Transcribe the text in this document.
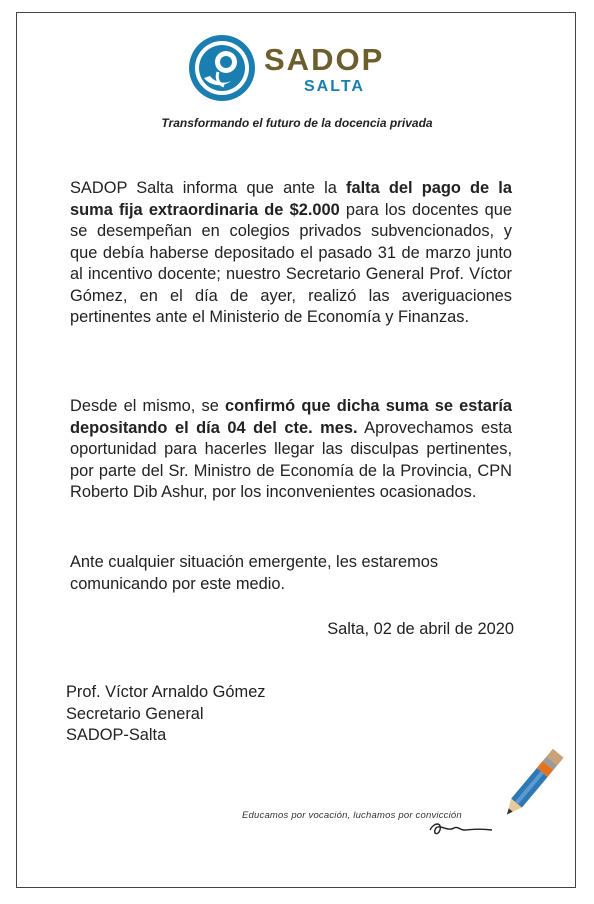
SADOP
SALTA
Transformando el futuro de la docencia privada
SADOP Salta informa que ante la falta del pago de la suma fija extraordinaria de $2.000 para los docentes que se desempeñan en colegios privados subvencionados, y que debía haberse depositado el pasado 31 de marzo junto al incentivo docente; nuestro Secretario General Prof. Víctor Gómez, en el día de ayer, realizó las averiguaciones pertinentes ante el Ministerio de Economía y Finanzas.
Desde el mismo, se confirmó que dicha suma se estaría depositando el día 04 del cte. mes. Aprovechamos esta oportunidad para hacerles llegar las disculpas pertinentes, por parte del Sr. Ministro de Economía de la Provincia, CPN Roberto Dib Ashur, por los inconvenientes ocasionados.
Ante cualquier situación emergente, les estaremos comunicando por este medio.
Salta, 02 de abril de 2020
Prof. Víctor Arnaldo Gómez
Secretario General
SADOP-Salta
Educamos por vocación, luchamos por convicción
